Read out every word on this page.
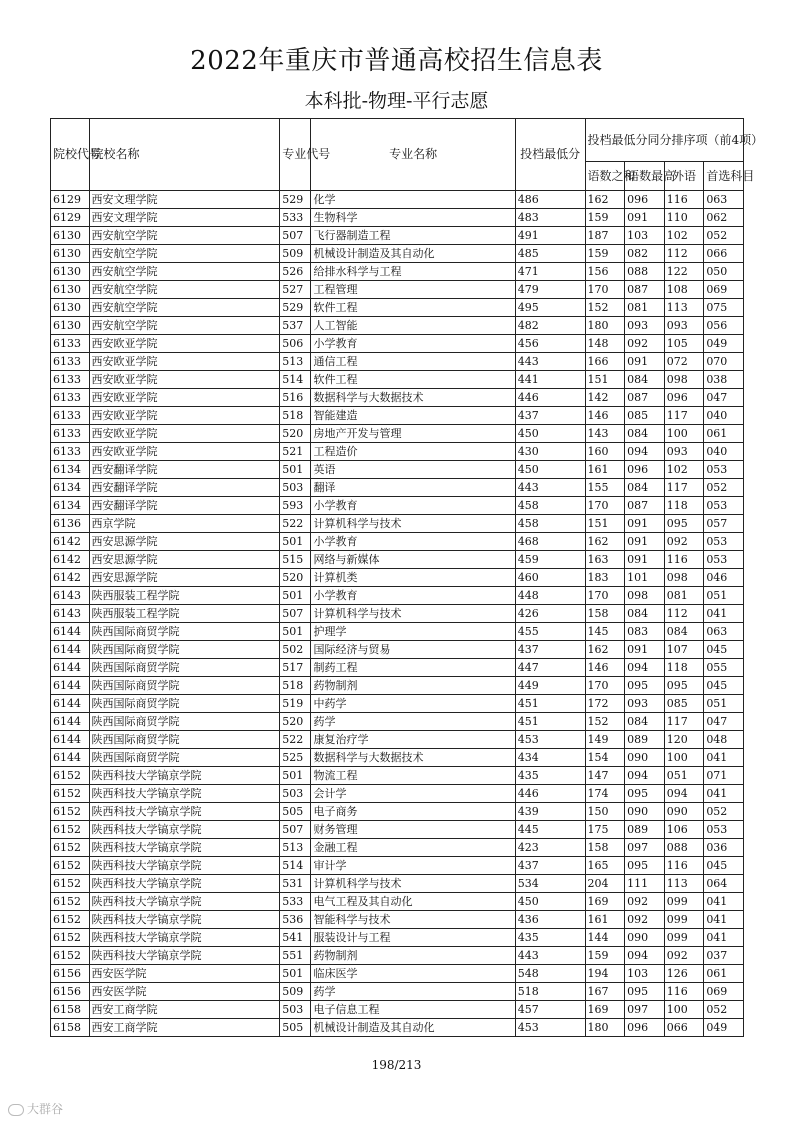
2022年重庆市普通高校招生信息表
本科批-物理-平行志愿
院校代号	院校名称	专业代号	专业名称	投档最低分	投档最低分同分排序项（前4项）			
					语数之和	语数最高	外语	首选科目
6129	西安文理学院	529	化学	486	162	096	116	063
6129	西安文理学院	533	生物科学	483	159	091	110	062
6130	西安航空学院	507	飞行器制造工程	491	187	103	102	052
6130	西安航空学院	509	机械设计制造及其自动化	485	159	082	112	066
6130	西安航空学院	526	给排水科学与工程	471	156	088	122	050
6130	西安航空学院	527	工程管理	479	170	087	108	069
6130	西安航空学院	529	软件工程	495	152	081	113	075
6130	西安航空学院	537	人工智能	482	180	093	093	056
6133	西安欧亚学院	506	小学教育	456	148	092	105	049
6133	西安欧亚学院	513	通信工程	443	166	091	072	070
6133	西安欧亚学院	514	软件工程	441	151	084	098	038
6133	西安欧亚学院	516	数据科学与大数据技术	446	142	087	096	047
6133	西安欧亚学院	518	智能建造	437	146	085	117	040
6133	西安欧亚学院	520	房地产开发与管理	450	143	084	100	061
6133	西安欧亚学院	521	工程造价	430	160	094	093	040
6134	西安翻译学院	501	英语	450	161	096	102	053
6134	西安翻译学院	503	翻译	443	155	084	117	052
6134	西安翻译学院	593	小学教育	458	170	087	118	053
6136	西京学院	522	计算机科学与技术	458	151	091	095	057
6142	西安思源学院	501	小学教育	468	162	091	092	053
6142	西安思源学院	515	网络与新媒体	459	163	091	116	053
6142	西安思源学院	520	计算机类	460	183	101	098	046
6143	陕西服装工程学院	501	小学教育	448	170	098	081	051
6143	陕西服装工程学院	507	计算机科学与技术	426	158	084	112	041
6144	陕西国际商贸学院	501	护理学	455	145	083	084	063
6144	陕西国际商贸学院	502	国际经济与贸易	437	162	091	107	045
6144	陕西国际商贸学院	517	制药工程	447	146	094	118	055
6144	陕西国际商贸学院	518	药物制剂	449	170	095	095	045
6144	陕西国际商贸学院	519	中药学	451	172	093	085	051
6144	陕西国际商贸学院	520	药学	451	152	084	117	047
6144	陕西国际商贸学院	522	康复治疗学	453	149	089	120	048
6144	陕西国际商贸学院	525	数据科学与大数据技术	434	154	090	100	041
6152	陕西科技大学镐京学院	501	物流工程	435	147	094	051	071
6152	陕西科技大学镐京学院	503	会计学	446	174	095	094	041
6152	陕西科技大学镐京学院	505	电子商务	439	150	090	090	052
6152	陕西科技大学镐京学院	507	财务管理	445	175	089	106	053
6152	陕西科技大学镐京学院	513	金融工程	423	158	097	088	036
6152	陕西科技大学镐京学院	514	审计学	437	165	095	116	045
6152	陕西科技大学镐京学院	531	计算机科学与技术	534	204	111	113	064
6152	陕西科技大学镐京学院	533	电气工程及其自动化	450	169	092	099	041
6152	陕西科技大学镐京学院	536	智能科学与技术	436	161	092	099	041
6152	陕西科技大学镐京学院	541	服装设计与工程	435	144	090	099	041
6152	陕西科技大学镐京学院	551	药物制剂	443	159	094	092	037
6156	西安医学院	501	临床医学	548	194	103	126	061
6156	西安医学院	509	药学	518	167	095	116	069
6158	西安工商学院	503	电子信息工程	457	169	097	100	052
6158	西安工商学院	505	机械设计制造及其自动化	453	180	096	066	049
198/213
大群谷
